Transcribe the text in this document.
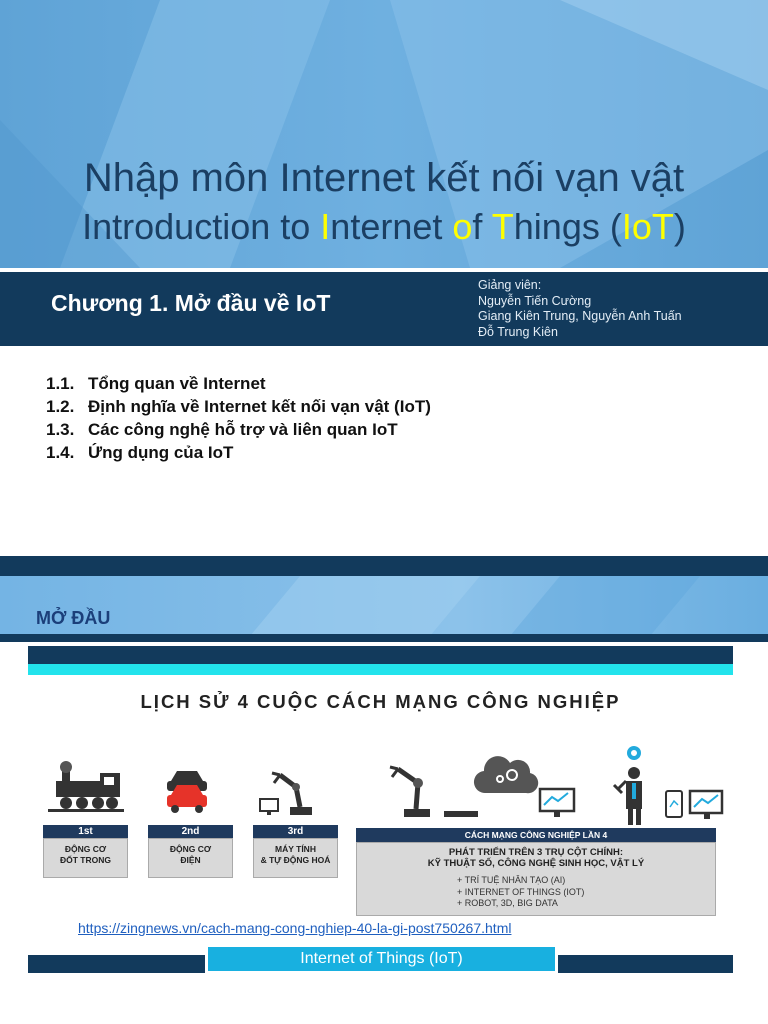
Nhập môn Internet kết nối vạn vật
Introduction to Internet of Things (IoT)
Chương 1. Mở đầu về IoT
Giảng viên:
Nguyễn Tiến Cường
Giang Kiên Trung, Nguyễn Anh Tuấn
Đỗ Trung Kiên
1.1. Tổng quan về Internet
1.2. Định nghĩa về Internet kết nối vạn vật (IoT)
1.3. Các công nghệ hỗ trợ và liên quan IoT
1.4. Ứng dụng của IoT
MỞ ĐẦU
LỊCH SỬ 4 CUỘC CÁCH MẠNG CÔNG NGHIỆP
1st
ĐỘNG CƠ
ĐỐT TRONG
2nd
ĐỘNG CƠ
ĐIỆN
3rd
MÁY TÍNH
& TỰ ĐỘNG HOÁ
CÁCH MẠNG CÔNG NGHIỆP LẦN 4
PHÁT TRIỂN TRÊN 3 TRỤ CỘT CHÍNH:
KỸ THUẬT SỐ, CÔNG NGHỆ SINH HỌC, VẬT LÝ
+ TRÍ TUỆ NHÂN TẠO (AI)
+ INTERNET OF THINGS (IOT)
+ ROBOT, 3D, BIG DATA
https://zingnews.vn/cach-mang-cong-nghiep-40-la-gi-post750267.html
Internet of Things (IoT)
